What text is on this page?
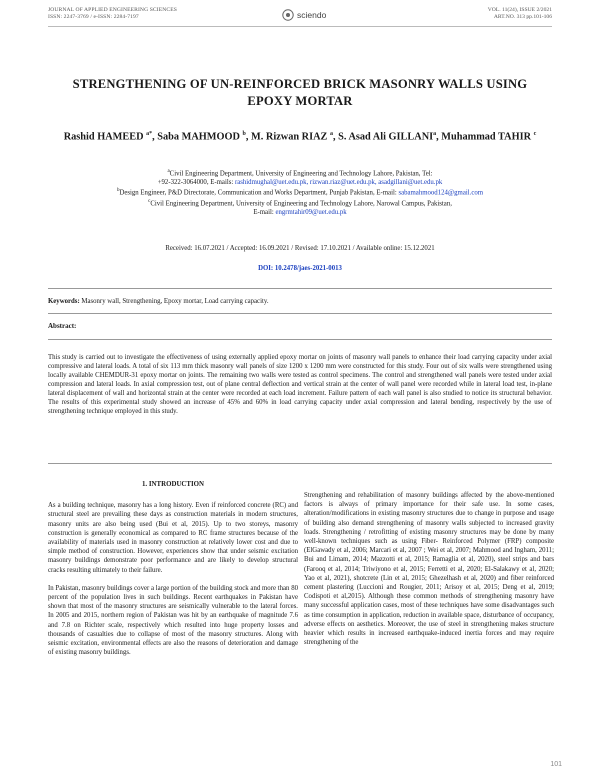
JOURNAL OF APPLIED ENGINEERING SCIENCES
ISSN: 2247-3769 / e-ISSN: 2284-7197	sciendo	VOL. 11(24), ISSUE 2/2021
ART.NO. 313 pp.101-106
STRENGTHENING OF UN-REINFORCED BRICK MASONRY WALLS USING
EPOXY MORTAR
Rashid HAMEED $^{a*}$, Saba MAHMOOD $^b$, M. Rizwan RIAZ $^a$, S. Asad Ali GILLANI$^a$, Muhammad TAHIR $^c$
$^a$Civil Engineering Department, University of Engineering and Technology Lahore, Pakistan, Tel:
+92-322-3064000, E-mails: rashidmughal@uet.edu.pk, rizwan.riaz@uet.edu.pk, asadgillani@uet.edu.pk
$^b$Design Engineer, P&D Directorate, Communication and Works Department, Punjab Pakistan, E-mail: sabamahmood124@gmail.com
$^c$Civil Engineering Department, University of Engineering and Technology Lahore, Narowal Campus, Pakistan,
E-mail: engrmtahir09@uet.edu.pk
Received: 16.07.2021 / Accepted: 16.09.2021 / Revised: 17.10.2021 / Available online: 15.12.2021
DOI: 10.2478/jaes-2021-0013
Keywords: Masonry wall, Strengthening, Epoxy mortar, Load carrying capacity.
Abstract:
This study is carried out to investigate the effectiveness of using externally applied epoxy mortar on joints of masonry wall panels to enhance their load carrying capacity under axial compressive and lateral loads. A total of six 113 mm thick masonry wall panels of size 1200 x 1200 mm were constructed for this study. Four out of six walls were strengthened using locally available CHEMDUR-31 epoxy mortar on joints. The remaining two walls were tested as control specimens. The control and strengthened wall panels were tested under axial compression and lateral loads. In axial compression test, out of plane central deflection and vertical strain at the center of wall panel were recorded while in lateral load test, in-plane lateral displacement of wall and horizontal strain at the center were recorded at each load increment. Failure pattern of each wall panel is also studied to notice its structural behavior. The results of this experimental study showed an increase of 45% and 60% in load carrying capacity under axial compression and lateral bending, respectively by the use of strengthening technique employed in this study.
1. INTRODUCTION

As a building technique, masonry has a long history. Even if reinforced concrete (RC) and structural steel are prevailing these days as construction materials in modern structures, masonry units are also being used (Bui et al, 2015). Up to two storeys, masonry construction is generally economical as compared to RC frame structures because of the availability of materials used in masonry construction at relatively lower cost and due to simple method of construction. However, experiences show that under seismic excitation masonry buildings demonstrate poor performance and are likely to develop structural cracks resulting ultimately to their failure.

In Pakistan, masonry buildings cover a large portion of the building stock and more than 80 percent of the population lives in such buildings. Recent earthquakes in Pakistan have shown that most of the masonry structures are seismically vulnerable to the lateral forces. In 2005 and 2015, northern region of Pakistan was hit by an earthquake of magnitude 7.6 and 7.8 on Richter scale, respectively which resulted into huge property losses and thousands of casualties due to collapse of most of the masonry structures. Along with seismic excitation, environmental effects are also the reasons of deterioration and damage of existing masonry buildings.

Strengthening and rehabilitation of masonry buildings affected by the above-mentioned factors is always of primary importance for their safe use. In some cases, alteration/modifications in existing masonry structures due to change in purpose and usage of building also demand strengthening of masonry walls subjected to increased gravity loads. Strengthening / retrofitting of existing masonry structures may be done by many well-known techniques such as using Fiber- Reinforced Polymer (FRP) composite (ElGawady et al, 2006; Marcari et al, 2007 ; Wei et al, 2007; Mahmood and Ingham, 2011; Bui and Limam, 2014; Mazzotti et al, 2015; Ramaglia et al, 2020), steel strips and bars (Farooq et al, 2014; Triwiyono et al, 2015; Ferretti et al, 2020; El-Salakawy et al, 2020; Yao et al, 2021), shotcrete (Lin et al, 2015; Ghezelhash et al, 2020) and fiber reinforced cement plastering (Luccioni and Rougier, 2011; Arisoy et al, 2015; Deng et al, 2019; Codispoti et al,2015). Although these common methods of strengthening masonry have many successful application cases, most of these techniques have some disadvantages such as time consumption in application, reduction in available space, disturbance of occupancy, adverse effects on aesthetics. Moreover, the use of steel in strengthening makes structure heavier which results in increased earthquake-induced inertia forces and may require strengthening of the

101
